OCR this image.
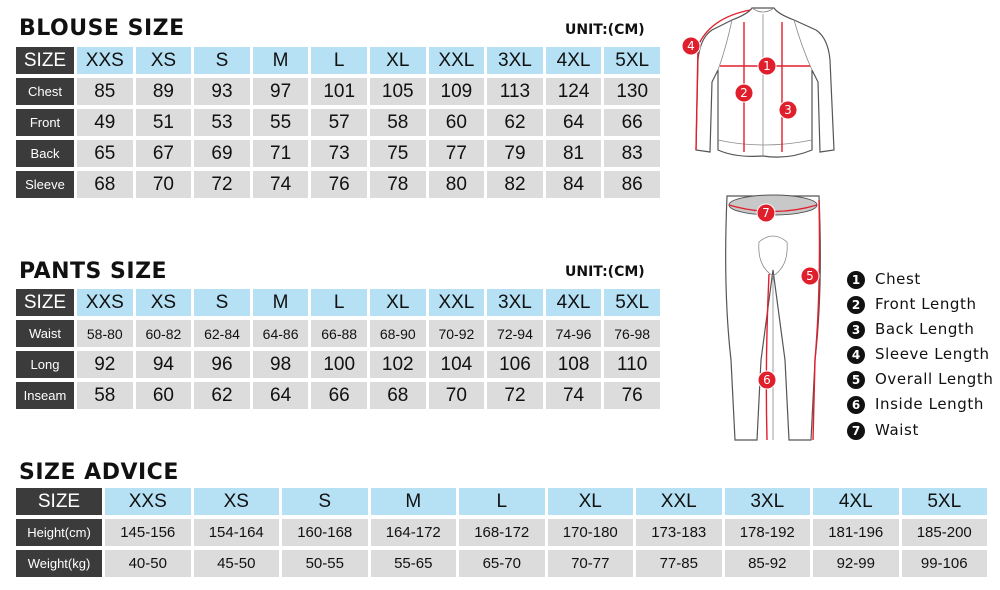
BLOUSE SIZE	UNIT:(CM)
SIZE	XXS	XS	S	M	L	XL	XXL	3XL	4XL	5XL
Chest	85	89	93	97	101	105	109	113	124	130
Front	49	51	53	55	57	58	60	62	64	66
Back	65	67	69	71	73	75	77	79	81	83
Sleeve	68	70	72	74	76	78	80	82	84	86
PANTS SIZE	UNIT:(CM)
SIZE	XXS	XS	S	M	L	XL	XXL	3XL	4XL	5XL
Waist	58-80	60-82	62-84	64-86	66-88	68-90	70-92	72-94	74-96	76-98
Long	92	94	96	98	100	102	104	106	108	110
Inseam	58	60	62	64	66	68	70	72	74	76
SIZE ADVICE
SIZE	XXS	XS	S	M	L	XL	XXL	3XL	4XL	5XL
Height(cm)	145-156	154-164	160-168	164-172	168-172	170-180	173-183	178-192	181-196	185-200
Weight(kg)	40-50	45-50	50-55	55-65	65-70	70-77	77-85	85-92	92-99	99-106
1
2
3
4
7
5
6
1 Chest
2 Front Length
3 Back Length
4 Sleeve Length
5 Overall Length
6 Inside Length
7 Waist
